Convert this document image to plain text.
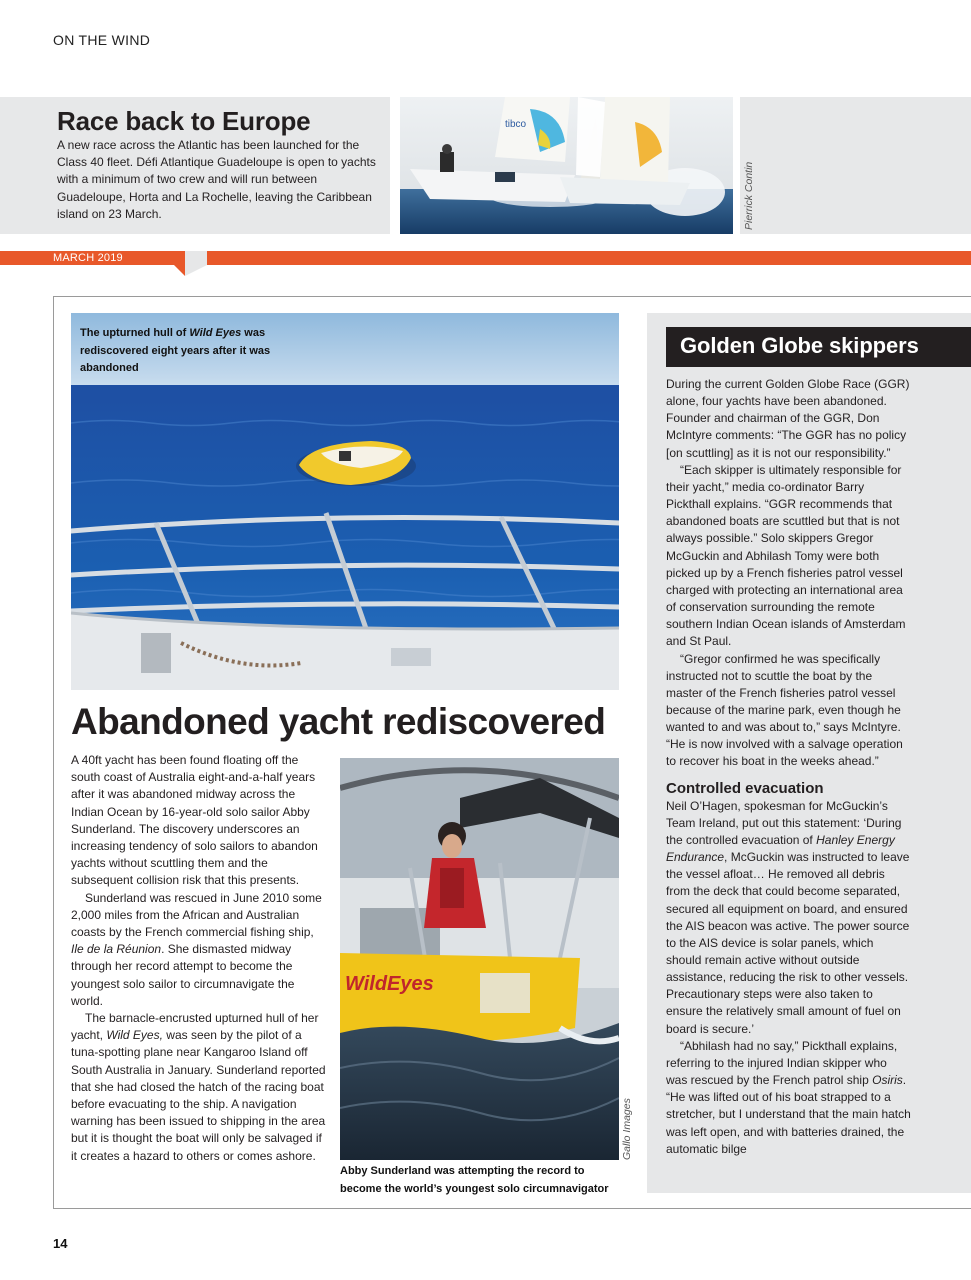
ON THE WIND
Race back to Europe
A new race across the Atlantic has been launched for the Class 40 fleet. Défi Atlantique Guadeloupe is open to yachts with a minimum of two crew and will run between Guadeloupe, Horta and La Rochelle, leaving the Caribbean island on 23 March.
tibco
Pierrick Contin
MARCH 2019
The upturned hull of Wild Eyes was rediscovered eight years after it was abandoned
Abandoned yacht rediscovered

A 40ft yacht has been found floating off the south coast of Australia eight-and-a-half years after it was abandoned midway across the Indian Ocean by 16-year-old solo sailor Abby Sunderland. The discovery underscores an increasing tendency of solo sailors to abandon yachts without scuttling them and the subsequent collision risk that this presents.

Sunderland was rescued in June 2010 some 2,000 miles from the African and Australian coasts by the French commercial fishing ship, Ile de la Réunion. She dismasted midway through her record attempt to become the youngest solo sailor to circumnavigate the world.

The barnacle-encrusted upturned hull of her yacht, Wild Eyes, was seen by the pilot of a tuna-spotting plane near Kangaroo Island off South Australia in January. Sunderland reported that she had closed the hatch of the racing boat before evacuating to the ship. A navigation warning has been issued to shipping in the area but it is thought the boat will only be salvaged if it creates a hazard to others or comes ashore.

WildEyes
Abby Sunderland was attempting the record to become the world’s youngest solo circumnavigator
Gallo Images
Golden Globe skippers

During the current Golden Globe Race (GGR) alone, four yachts have been abandoned. Founder and chairman of the GGR, Don McIntyre comments: “The GGR has no policy [on scuttling] as it is not our responsibility.”

“Each skipper is ultimately responsible for their yacht,” media co-ordinator Barry Pickthall explains. “GGR recommends that abandoned boats are scuttled but that is not always possible.” Solo skippers Gregor McGuckin and Abhilash Tomy were both picked up by a French fisheries patrol vessel charged with protecting an international area of conservation surrounding the remote southern Indian Ocean islands of Amsterdam and St Paul.

“Gregor confirmed he was specifically instructed not to scuttle the boat by the master of the French fisheries patrol vessel because of the marine park, even though he wanted to and was about to,” says McIntyre. “He is now involved with a salvage operation to recover his boat in the weeks ahead.”

Controlled evacuation

Neil O’Hagen, spokesman for McGuckin’s Team Ireland, put out this statement: ‘During the controlled evacuation of Hanley Energy Endurance, McGuckin was instructed to leave the vessel afloat… He removed all debris from the deck that could become separated, secured all equipment on board, and ensured the AIS beacon was active. The power source to the AIS device is solar panels, which should remain active without outside assistance, reducing the risk to other vessels. Precautionary steps were also taken to ensure the relatively small amount of fuel on board is secure.’

“Abhilash had no say,” Pickthall explains, referring to the injured Indian skipper who was rescued by the French patrol ship Osiris. “He was lifted out of his boat strapped to a stretcher, but I understand that the main hatch was left open, and with batteries drained, the automatic bilge

14
